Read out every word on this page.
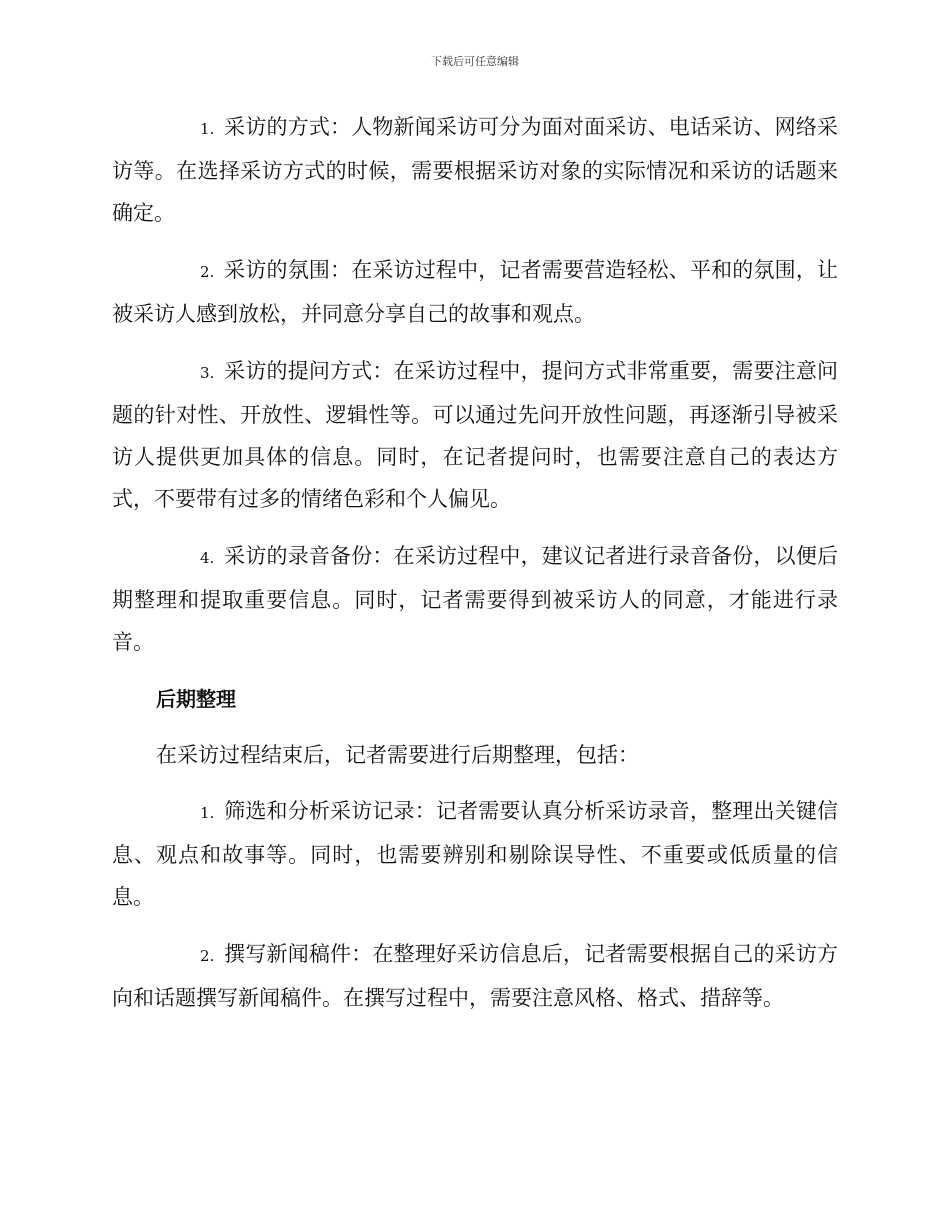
下载后可任意编辑

1. 采访的方式：人物新闻采访可分为面对面采访、电话采访、网络采访等。在选择采访方式的时候，需要根据采访对象的实际情况和采访的话题来确定。

2. 采访的氛围：在采访过程中，记者需要营造轻松、平和的氛围，让被采访人感到放松，并同意分享自己的故事和观点。

3. 采访的提问方式：在采访过程中，提问方式非常重要，需要注意问题的针对性、开放性、逻辑性等。可以通过先问开放性问题，再逐渐引导被采访人提供更加具体的信息。同时，在记者提问时，也需要注意自己的表达方式，不要带有过多的情绪色彩和个人偏见。

4. 采访的录音备份：在采访过程中，建议记者进行录音备份，以便后期整理和提取重要信息。同时，记者需要得到被采访人的同意，才能进行录音。

后期整理

在采访过程结束后，记者需要进行后期整理，包括：

1. 筛选和分析采访记录：记者需要认真分析采访录音，整理出关键信息、观点和故事等。同时，也需要辨别和剔除误导性、不重要或低质量的信息。

2. 撰写新闻稿件：在整理好采访信息后，记者需要根据自己的采访方向和话题撰写新闻稿件。在撰写过程中，需要注意风格、格式、措辞等。
